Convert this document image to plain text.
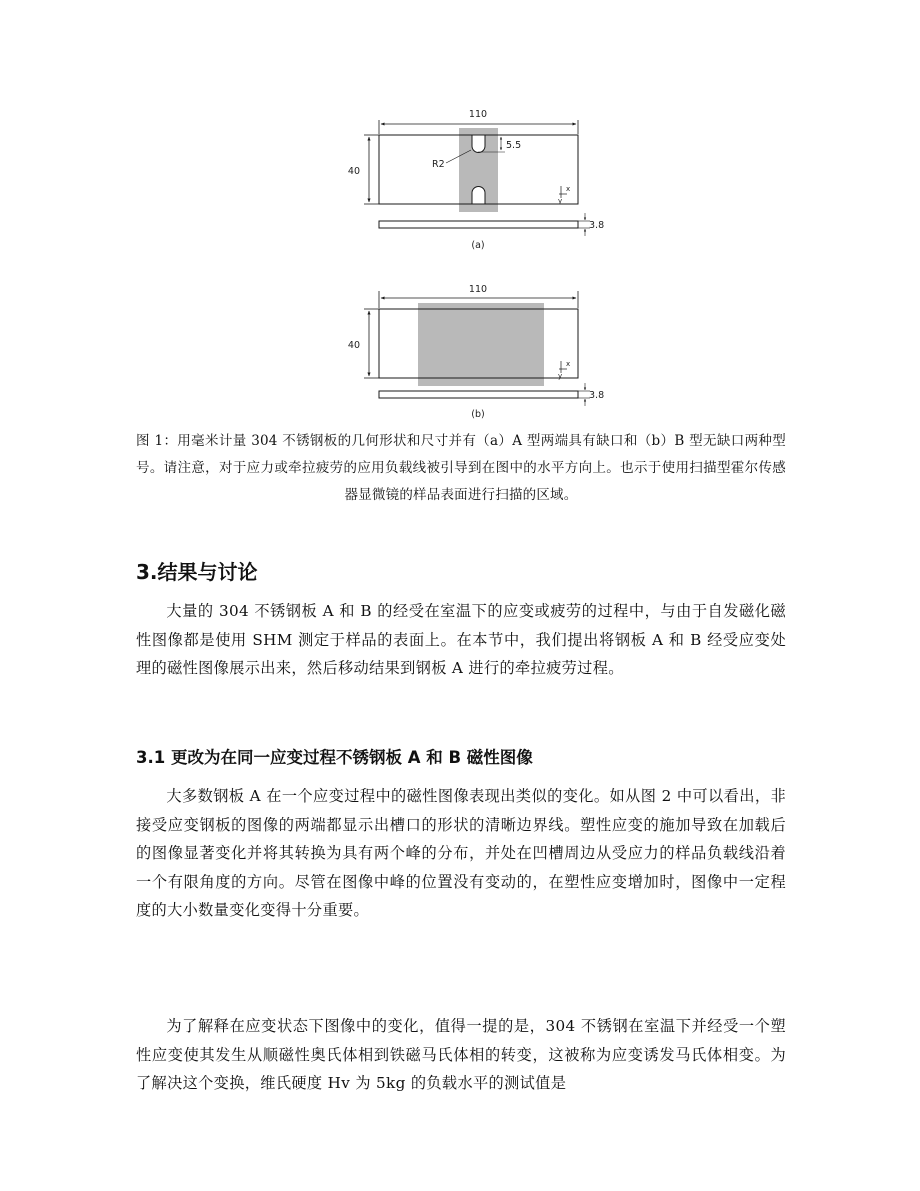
110
40
5.5
R2
x
y
3.8
(a)
110
40
x
y
3.8
(b)
图 1：用毫米计量 304 不锈钢板的几何形状和尺寸并有（a）A 型两端具有缺口和（b）B 型无缺口两种型号。请注意，对于应力或牵拉疲劳的应用负载线被引导到在图中的水平方向上。也示于使用扫描型霍尔传感器显微镜的样品表面进行扫描的区域。
3.结果与讨论
大量的 304 不锈钢板 A 和 B 的经受在室温下的应变或疲劳的过程中，与由于自发磁化磁性图像都是使用 SHM 测定于样品的表面上。在本节中，我们提出将钢板 A 和 B 经受应变处理的磁性图像展示出来，然后移动结果到钢板 A 进行的牵拉疲劳过程。
3.1 更改为在同一应变过程不锈钢板 A 和 B 磁性图像
大多数钢板 A 在一个应变过程中的磁性图像表现出类似的变化。如从图 2 中可以看出，非接受应变钢板的图像的两端都显示出槽口的形状的清晰边界线。塑性应变的施加导致在加载后的图像显著变化并将其转换为具有两个峰的分布，并处在凹槽周边从受应力的样品负载线沿着一个有限角度的方向。尽管在图像中峰的位置没有变动的，在塑性应变增加时，图像中一定程度的大小数量变化变得十分重要。
为了解释在应变状态下图像中的变化，值得一提的是，304 不锈钢在室温下并经受一个塑性应变使其发生从顺磁性奥氏体相到铁磁马氏体相的转变，这被称为应变诱发马氏体相变。为了解决这个变换，维氏硬度 Hv 为 5kg 的负载水平的测试值是
